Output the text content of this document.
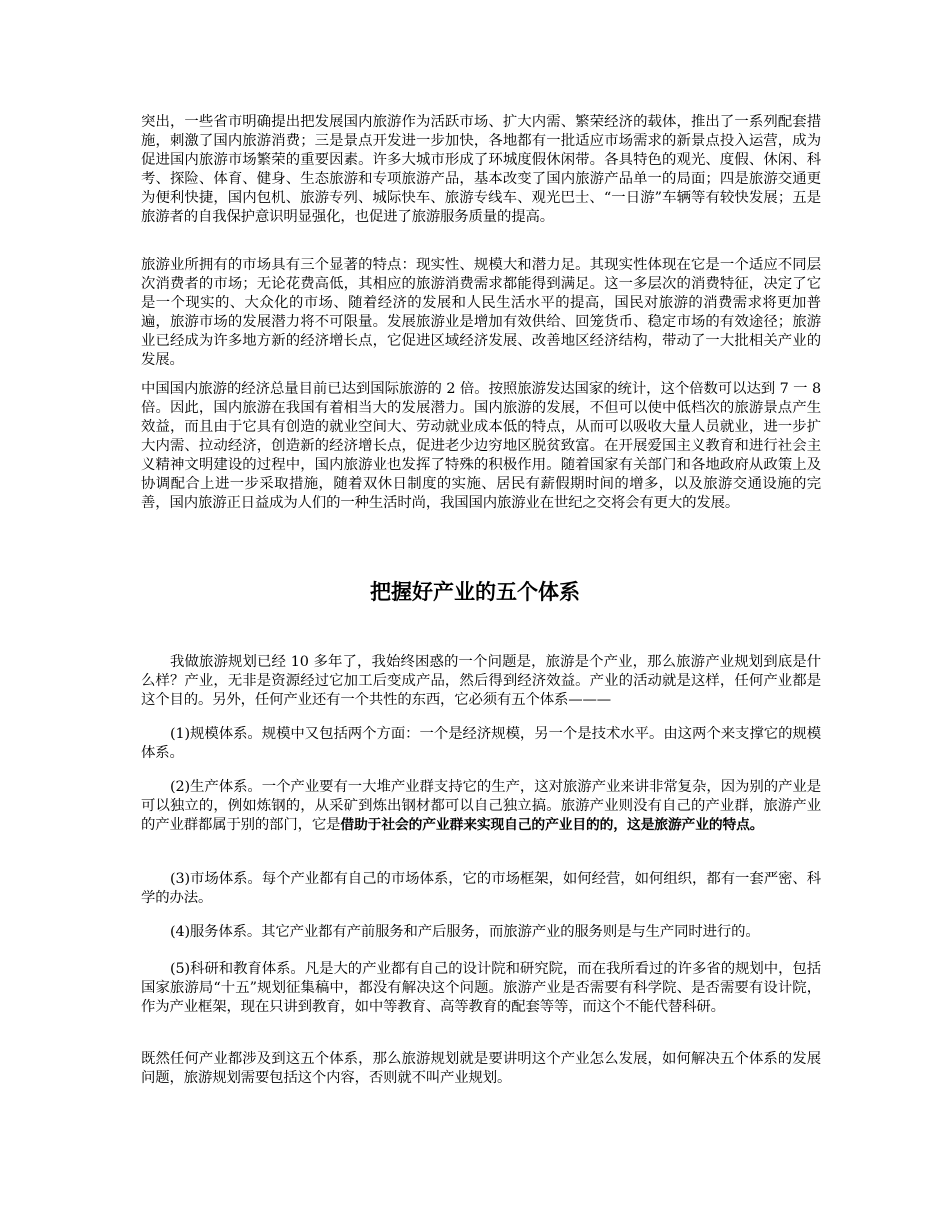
突出，一些省市明确提出把发展国内旅游作为活跃市场、扩大内需、繁荣经济的载体，推出了一系列配套措施，刺激了国内旅游消费；三是景点开发进一步加快，各地都有一批适应市场需求的新景点投入运营，成为促进国内旅游市场繁荣的重要因素。许多大城市形成了环城度假休闲带。各具特色的观光、度假、休闲、科考、探险、体育、健身、生态旅游和专项旅游产品，基本改变了国内旅游产品单一的局面；四是旅游交通更为便利快捷，国内包机、旅游专列、城际快车、旅游专线车、观光巴士、“一日游”车辆等有较快发展；五是旅游者的自我保护意识明显强化，也促进了旅游服务质量的提高。

旅游业所拥有的市场具有三个显著的特点：现实性、规模大和潜力足。其现实性体现在它是一个适应不同层次消费者的市场；无论花费高低，其相应的旅游消费需求都能得到满足。这一多层次的消费特征，决定了它是一个现实的、大众化的市场、随着经济的发展和人民生活水平的提高，国民对旅游的消费需求将更加普遍，旅游市场的发展潜力将不可限量。发展旅游业是增加有效供给、回笼货币、稳定市场的有效途径；旅游业已经成为许多地方新的经济增长点，它促进区域经济发展、改善地区经济结构，带动了一大批相关产业的发展。

中国国内旅游的经济总量目前已达到国际旅游的 2 倍。按照旅游发达国家的统计，这个倍数可以达到 7 一 8 倍。因此，国内旅游在我国有着相当大的发展潜力。国内旅游的发展，不但可以使中低档次的旅游景点产生效益，而且由于它具有创造的就业空间大、劳动就业成本低的特点，从而可以吸收大量人员就业，进一步扩大内需、拉动经济，创造新的经济增长点，促进老少边穷地区脱贫致富。在开展爱国主义教育和进行社会主义精神文明建设的过程中，国内旅游业也发挥了特殊的积极作用。随着国家有关部门和各地政府从政策上及协调配合上进一步采取措施，随着双休日制度的实施、居民有薪假期时间的增多，以及旅游交通设施的完善，国内旅游正日益成为人们的一种生活时尚，我国国内旅游业在世纪之交将会有更大的发展。

把握好产业的五个体系

我做旅游规划已经 10 多年了，我始终困惑的一个问题是，旅游是个产业，那么旅游产业规划到底是什么样？产业，无非是资源经过它加工后变成产品，然后得到经济效益。产业的活动就是这样，任何产业都是这个目的。另外，任何产业还有一个共性的东西，它必须有五个体系———

(1)规模体系。规模中又包括两个方面：一个是经济规模，另一个是技术水平。由这两个来支撑它的规模体系。

(2)生产体系。一个产业要有一大堆产业群支持它的生产，这对旅游产业来讲非常复杂，因为别的产业是可以独立的，例如炼钢的，从采矿到炼出钢材都可以自己独立搞。旅游产业则没有自己的产业群，旅游产业的产业群都属于别的部门，它是借助于社会的产业群来实现自己的产业目的的，这是旅游产业的特点。

(3)市场体系。每个产业都有自己的市场体系，它的市场框架，如何经营，如何组织，都有一套严密、科学的办法。

(4)服务体系。其它产业都有产前服务和产后服务，而旅游产业的服务则是与生产同时进行的。

(5)科研和教育体系。凡是大的产业都有自己的设计院和研究院，而在我所看过的许多省的规划中，包括国家旅游局“十五”规划征集稿中，都没有解决这个问题。旅游产业是否需要有科学院、是否需要有设计院，作为产业框架，现在只讲到教育，如中等教育、高等教育的配套等等，而这个不能代替科研。

既然任何产业都涉及到这五个体系，那么旅游规划就是要讲明这个产业怎么发展，如何解决五个体系的发展问题，旅游规划需要包括这个内容，否则就不叫产业规划。
